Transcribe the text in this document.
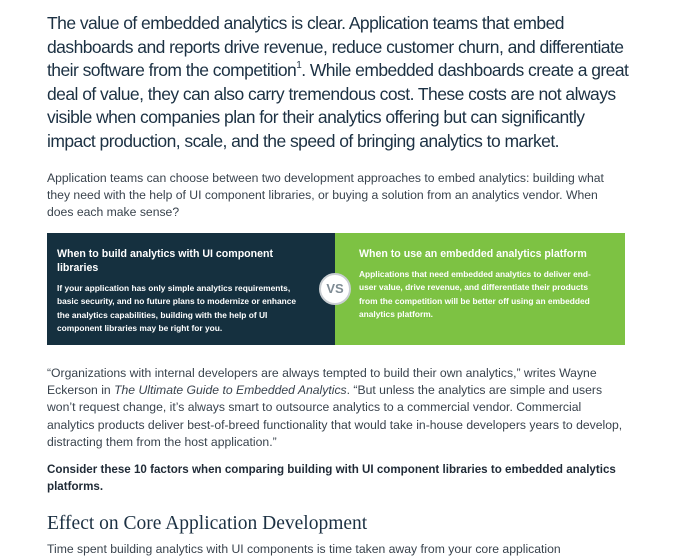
The value of embedded analytics is clear. Application teams that embed dashboards and reports drive revenue, reduce customer churn, and differentiate their software from the competition$^1$. While embedded dashboards create a great deal of value, they can also carry tremendous cost. These costs are not always visible when companies plan for their analytics offering but can significantly impact production, scale, and the speed of bringing analytics to market.

Application teams can choose between two development approaches to embed analytics: building what they need with the help of UI component libraries, or buying a solution from an analytics vendor. When does each make sense?

When to build analytics with UI component libraries

If your application has only simple analytics requirements, basic security, and no future plans to modernize or enhance the analytics capabilities, building with the help of UI component libraries may be right for you.

When to use an embedded analytics platform

Applications that need embedded analytics to deliver end-user value, drive revenue, and differentiate their products from the competition will be better off using an embedded analytics platform.

VS

“Organizations with internal developers are always tempted to build their own analytics,” writes Wayne Eckerson in The Ultimate Guide to Embedded Analytics. “But unless the analytics are simple and users won’t request change, it’s always smart to outsource analytics to a commercial vendor. Commercial analytics products deliver best-of-breed functionality that would take in-house developers years to develop, distracting them from the host application.”

Consider these 10 factors when comparing building with UI component libraries to embedded analytics platforms.

Effect on Core Application Development

Time spent building analytics with UI components is time taken away from your core application
